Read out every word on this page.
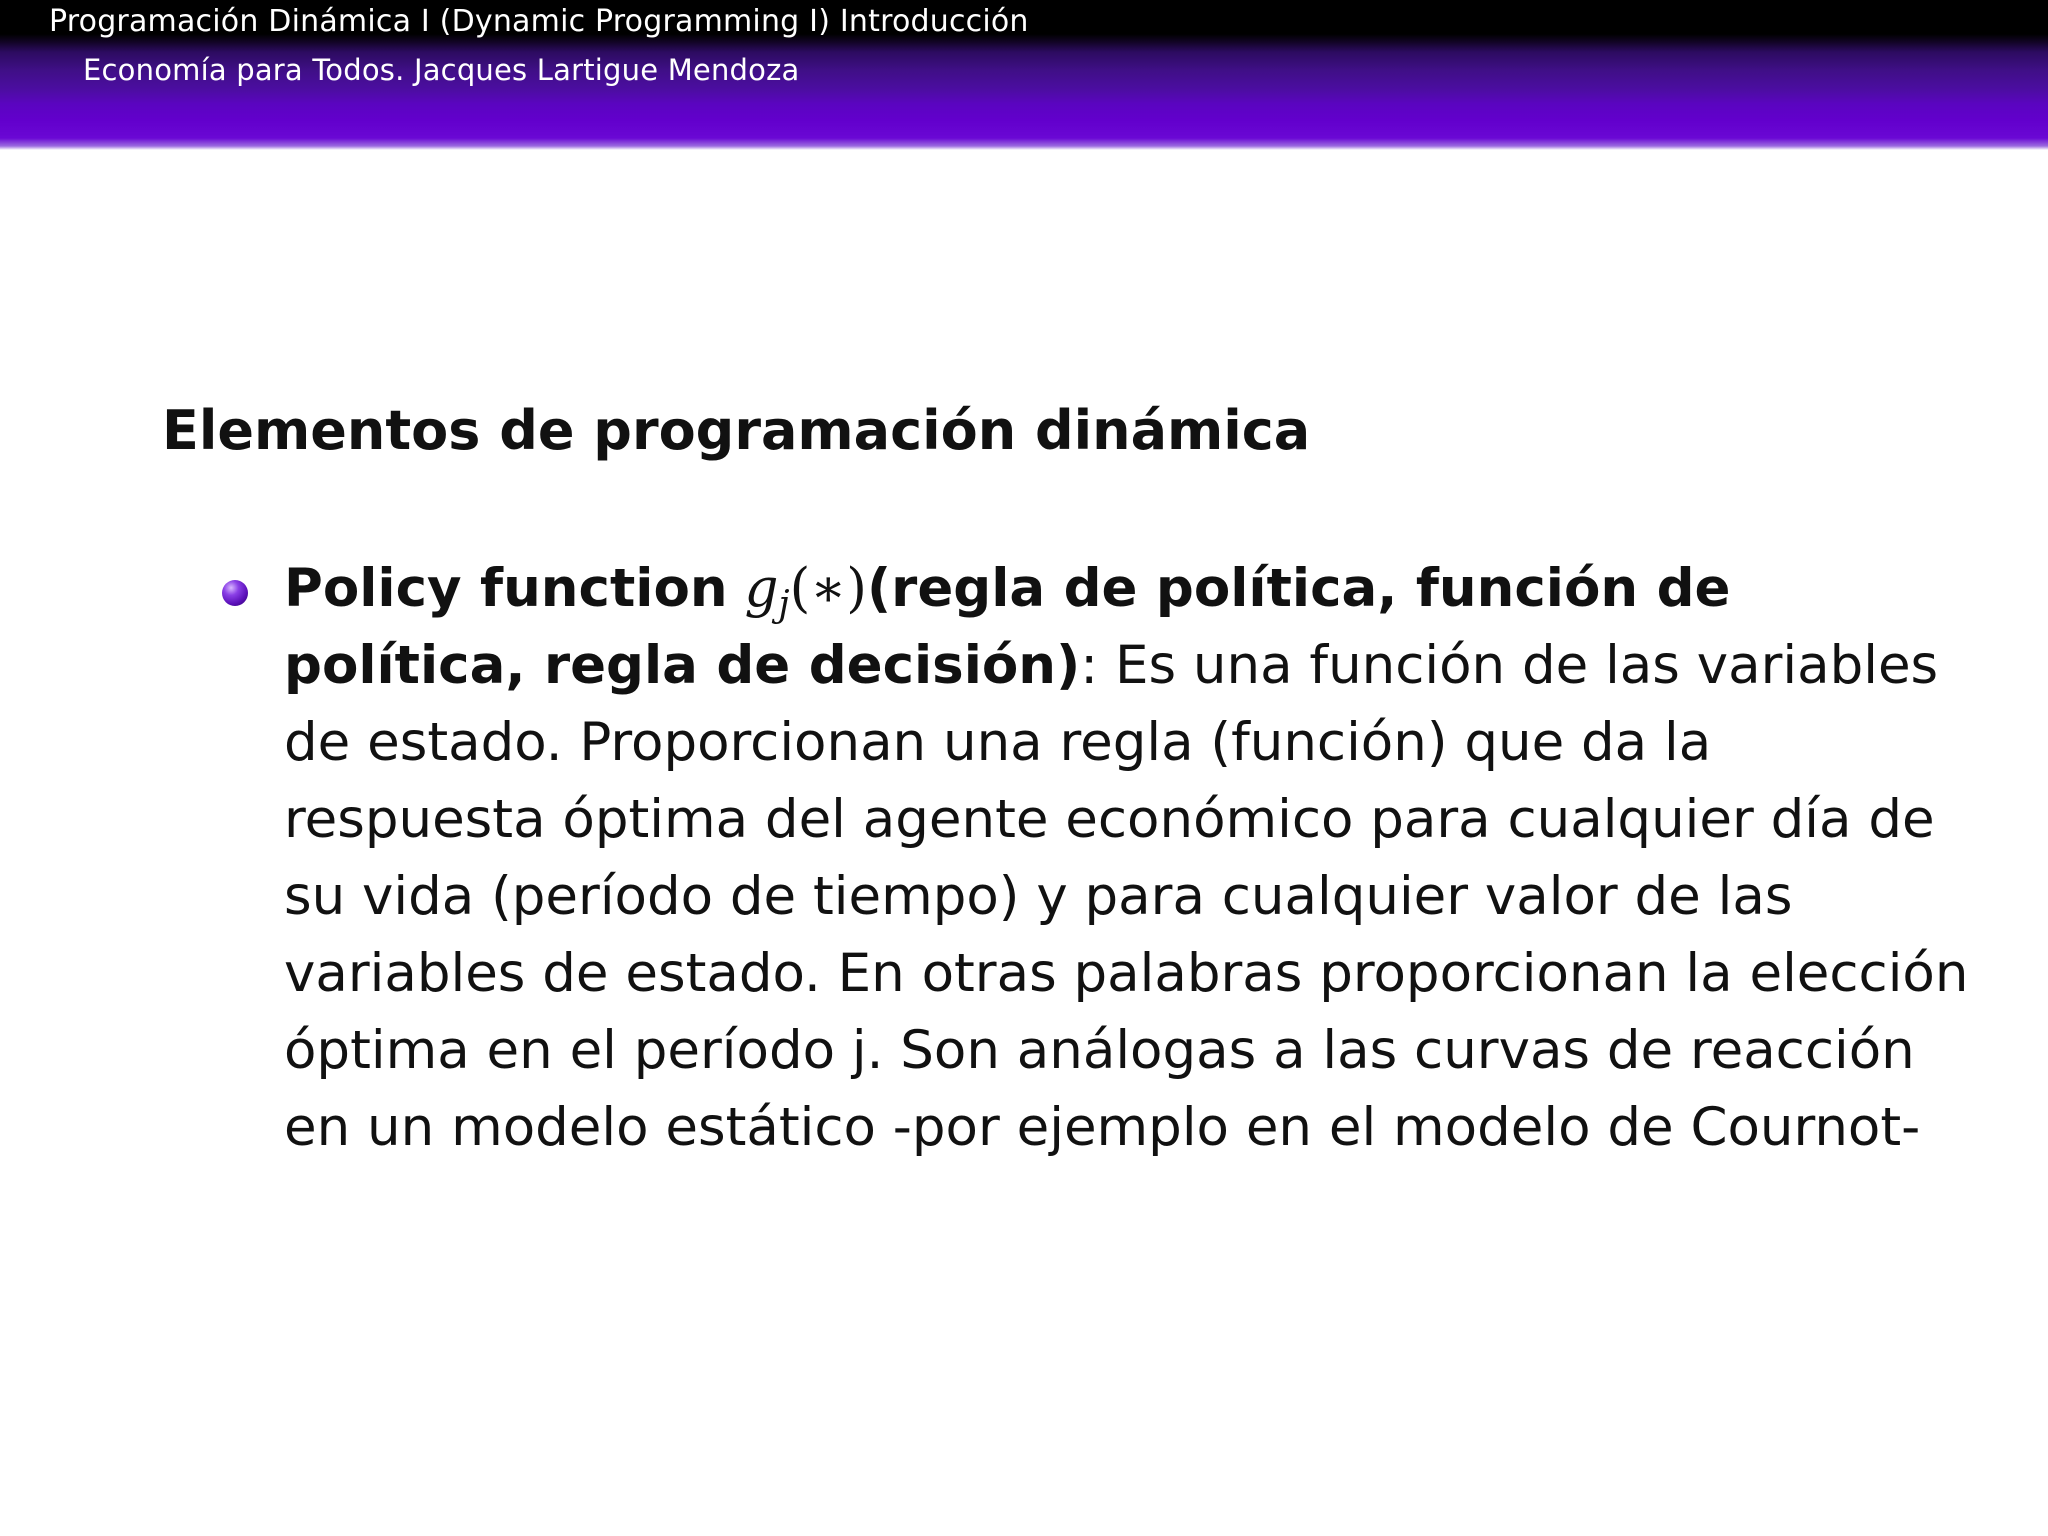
Programación Dinámica I (Dynamic Programming I) Introducción
Economía para Todos. Jacques Lartigue Mendoza
Elementos de programación dinámica
Policy function $g_j(∗)(regla$ de política, función de
política, regla de decisión): Es una función de las variables
de estado. Proporcionan una regla (función) que da la
respuesta óptima del agente económico para cualquier día de
su vida (período de tiempo) y para cualquier valor de las
variables de estado. En otras palabras proporcionan la elección
óptima en el período j. Son análogas a las curvas de reacción
en un modelo estático -por ejemplo en el modelo de Cournot-
